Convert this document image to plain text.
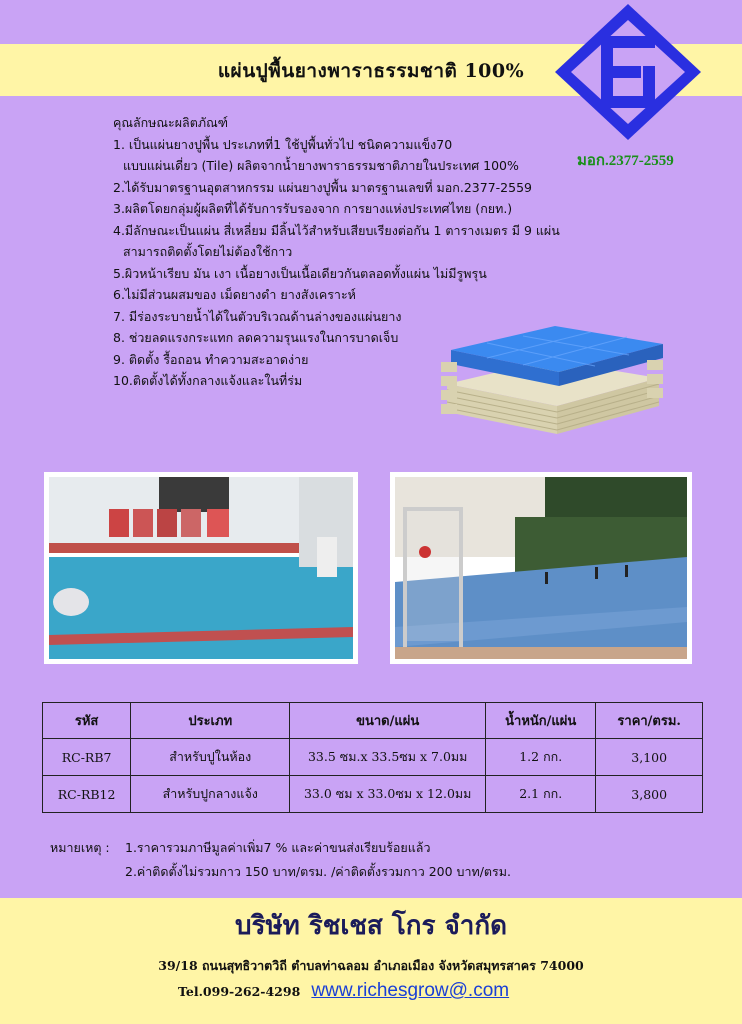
แผ่นปูพื้นยางพาราธรรมชาติ 100%
มอก.2377-2559
คุณลักษณะผลิตภัณฑ์
1. เป็นแผ่นยางปูพื้น ประเภทที่1 ใช้ปูพื้นทั่วไป ชนิดความแข็ง70
แบบแผ่นเดี่ยว (Tile) ผลิตจากน้ำยางพาราธรรมชาติภายในประเทศ 100%
2.ได้รับมาตรฐานอุตสาหกรรม แผ่นยางปูพื้น มาตรฐานเลขที่ มอก.2377-2559
3.ผลิตโดยกลุ่มผู้ผลิตที่ได้รับการรับรองจาก การยางแห่งประเทศไทย (กยท.)
4.มีลักษณะเป็นแผ่น สี่เหลี่ยม มีลิ้นไว้สำหรับเสียบเรียงต่อกัน 1 ตารางเมตร มี 9 แผ่น
สามารถติดตั้งโดยไม่ต้องใช้กาว
5.ผิวหน้าเรียบ มัน เงา เนื้อยางเป็นเนื้อเดียวกันตลอดทั้งแผ่น ไม่มีรูพรุน
6.ไม่มีส่วนผสมของ เม็ดยางดำ ยางสังเคราะห์
7. มีร่องระบายน้ำได้ในตัวบริเวณด้านล่างของแผ่นยาง
8. ช่วยลดแรงกระแทก ลดความรุนแรงในการบาดเจ็บ
9. ติดตั้ง รื้อถอน ทำความสะอาดง่าย
10.ติดตั้งได้ทั้งกลางแจ้งและในที่ร่ม
รหัส	ประเภท	ขนาด/แผ่น	น้ำหนัก/แผ่น	ราคา/ตรม.
RC-RB7	สำหรับปูในห้อง	33.5 ซม.x 33.5ซม x 7.0มม	1.2 กก.	3,100
RC-RB12	สำหรับปูกลางแจ้ง	33.0 ซม x 33.0ซม x 12.0มม	2.1 กก.	3,800
หมายเหตุ : 1.ราคารวมภาษีมูลค่าเพิ่ม7 % และค่าขนส่งเรียบร้อยแล้ว
2.ค่าติดตั้งไม่รวมกาว 150 บาท/ตรม. /ค่าติดตั้งรวมกาว 200 บาท/ตรม.
บริษัท ริชเชส โกร จำกัด
39/18 ถนนสุทธิวาตวิถี ตำบลท่าฉลอม อำเภอเมือง จังหวัดสมุทรสาคร 74000
Tel.099-262-4298 www.richesgrow@.com
